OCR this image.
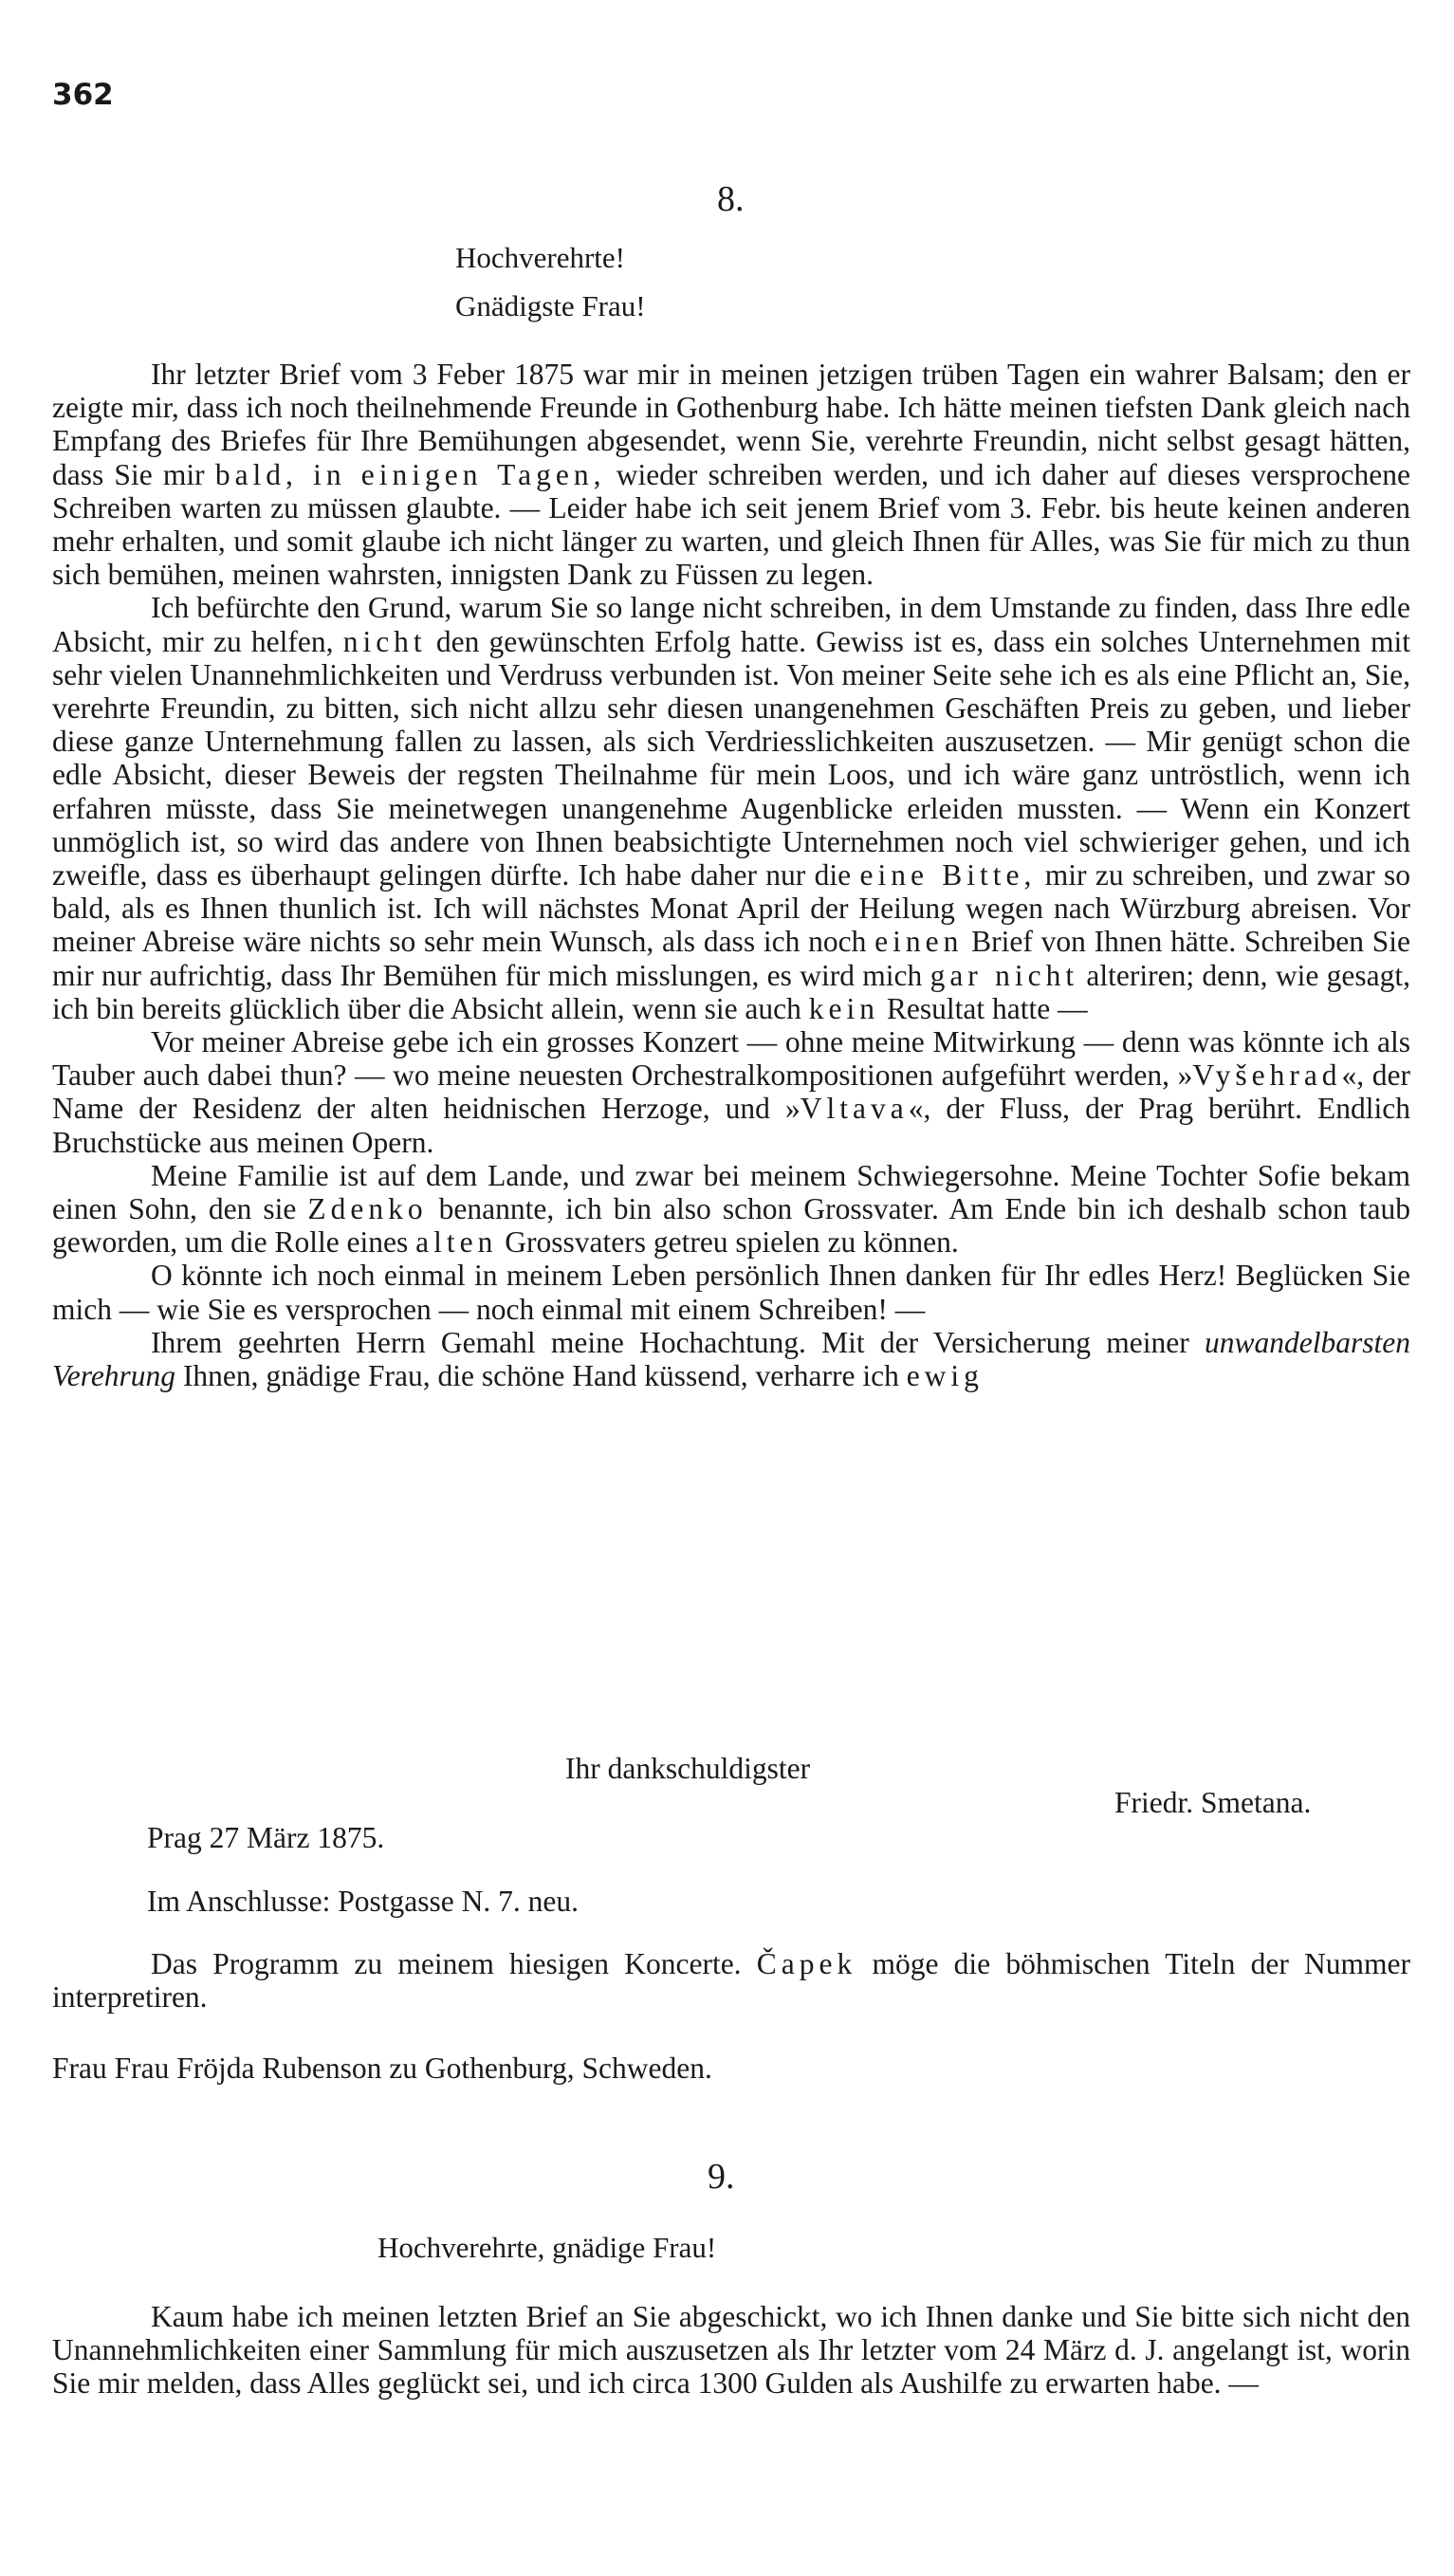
362
8.
Hochverehrte!
Gnädigste Frau!

Ihr letzter Brief vom 3 Feber 1875 war mir in meinen jetzigen trüben Tagen ein wahrer Balsam; den er zeigte mir, dass ich noch theilnehmende Freunde in Gothenburg habe. Ich hätte meinen tiefsten Dank gleich nach Empfang des Briefes für Ihre Bemühungen abgesendet, wenn Sie, verehrte Freundin, nicht selbst gesagt hätten, dass Sie mir bald, in einigen Tagen, wieder schreiben werden, und ich daher auf dieses versprochene Schreiben warten zu müssen glaubte. — Leider habe ich seit jenem Brief vom 3. Febr. bis heute keinen anderen mehr erhalten, und somit glaube ich nicht länger zu warten, und gleich Ihnen für Alles, was Sie für mich zu thun sich bemühen, meinen wahrsten, innigsten Dank zu Füssen zu legen.

Ich befürchte den Grund, warum Sie so lange nicht schreiben, in dem Umstande zu finden, dass Ihre edle Absicht, mir zu helfen, nicht den gewünschten Erfolg hatte. Gewiss ist es, dass ein solches Unternehmen mit sehr vielen Unannehmlichkeiten und Verdruss verbunden ist. Von meiner Seite sehe ich es als eine Pflicht an, Sie, verehrte Freundin, zu bitten, sich nicht allzu sehr diesen unangenehmen Geschäften Preis zu geben, und lieber diese ganze Unternehmung fallen zu lassen, als sich Verdriesslichkeiten auszusetzen. — Mir genügt schon die edle Absicht, dieser Beweis der regsten Theilnahme für mein Loos, und ich wäre ganz untröstlich, wenn ich erfahren müsste, dass Sie meinetwegen unangenehme Augenblicke erleiden mussten. — Wenn ein Konzert unmöglich ist, so wird das andere von Ihnen beabsichtigte Unternehmen noch viel schwieriger gehen, und ich zweifle, dass es überhaupt gelingen dürfte. Ich habe daher nur die eine Bitte, mir zu schreiben, und zwar so bald, als es Ihnen thunlich ist. Ich will nächstes Monat April der Heilung wegen nach Würzburg abreisen. Vor meiner Abreise wäre nichts so sehr mein Wunsch, als dass ich noch einen Brief von Ihnen hätte. Schreiben Sie mir nur aufrichtig, dass Ihr Bemühen für mich misslungen, es wird mich gar nicht alteriren; denn, wie gesagt, ich bin bereits glücklich über die Absicht allein, wenn sie auch kein Resultat hatte —

Vor meiner Abreise gebe ich ein grosses Konzert — ohne meine Mitwirkung — denn was könnte ich als Tauber auch dabei thun? — wo meine neuesten Orchestralkompositionen aufgeführt werden, »Vyšehrad«, der Name der Residenz der alten heidnischen Herzoge, und »Vltava«, der Fluss, der Prag berührt. Endlich Bruchstücke aus meinen Opern.

Meine Familie ist auf dem Lande, und zwar bei meinem Schwiegersohne. Meine Tochter Sofie bekam einen Sohn, den sie Zdenko benannte, ich bin also schon Grossvater. Am Ende bin ich deshalb schon taub geworden, um die Rolle eines alten Grossvaters getreu spielen zu können.

O könnte ich noch einmal in meinem Leben persönlich Ihnen danken für Ihr edles Herz! Beglücken Sie mich — wie Sie es versprochen — noch einmal mit einem Schreiben! —

Ihrem geehrten Herrn Gemahl meine Hochachtung. Mit der Versicherung meiner unwandelbarsten Verehrung Ihnen, gnädige Frau, die schöne Hand küssend, verharre ich ewig

Ihr dankschuldigster
Friedr. Smetana.
Prag 27 März 1875.
Im Anschlusse: Postgasse N. 7. neu.

Das Programm zu meinem hiesigen Koncerte. Čapek möge die böhmischen Titeln der Nummer interpretiren.

Frau Frau Fröjda Rubenson zu Gothenburg, Schweden.
9.
Hochverehrte, gnädige Frau!

Kaum habe ich meinen letzten Brief an Sie abgeschickt, wo ich Ihnen danke und Sie bitte sich nicht den Unannehmlichkeiten einer Sammlung für mich auszusetzen als Ihr letzter vom 24 März d. J. angelangt ist, worin Sie mir melden, dass Alles geglückt sei, und ich circa 1300 Gulden als Aushilfe zu erwarten habe. —
